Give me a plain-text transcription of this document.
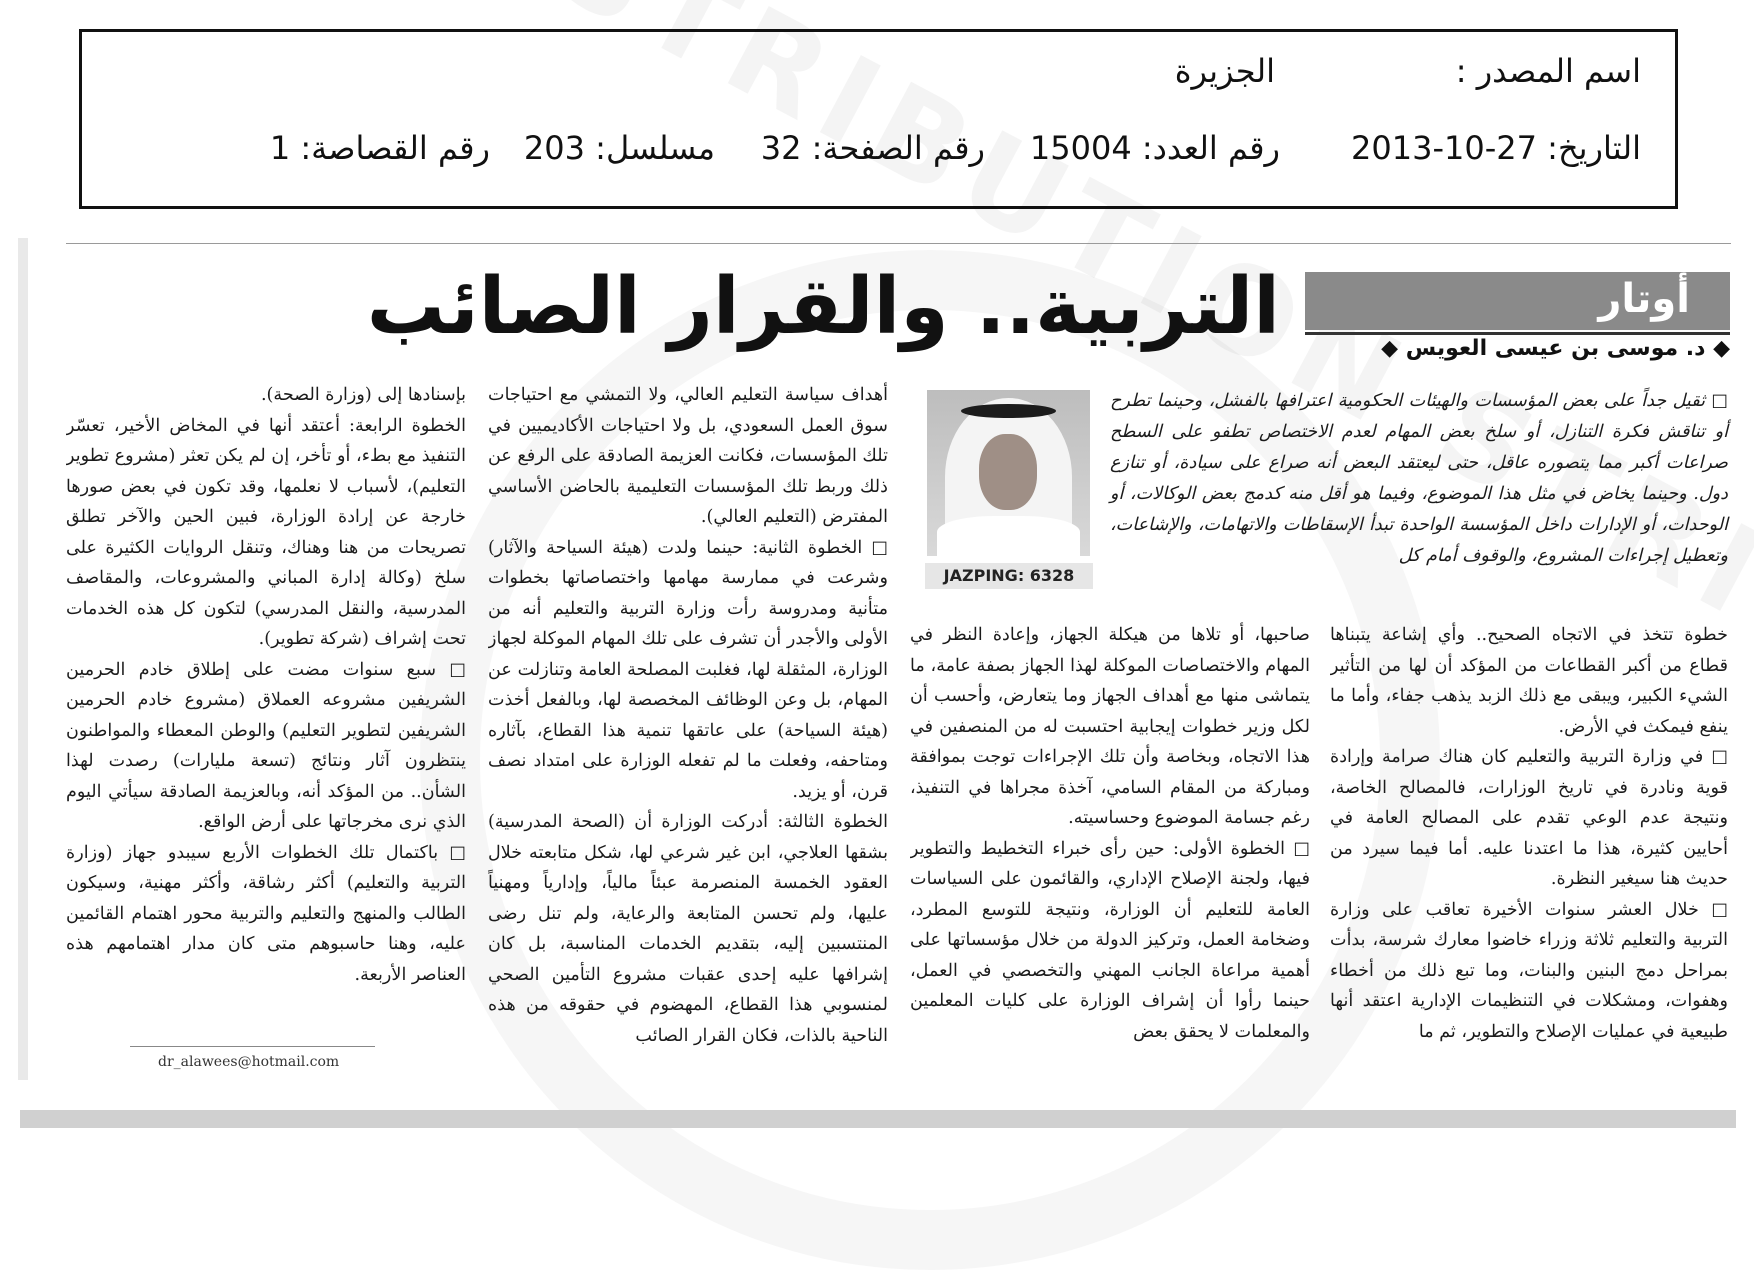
اسم المصدر :
الجزيرة
التاريخ: 27-10-2013
رقم العدد: 15004
رقم الصفحة: 32
مسلسل: 203
رقم القصاصة: 1
أوتار
◆ د. موسى بن عيسى العويس ◆
التربية.. والقرار الصائب
JAZPING: 6328
□ ثقيل جداً على بعض المؤسسات والهيئات الحكومية اعترافها بالفشل، وحينما تطرح أو تناقش فكرة التنازل، أو سلخ بعض المهام لعدم الاختصاص تطفو على السطح صراعات أكبر مما يتصوره عاقل، حتى ليعتقد البعض أنه صراع على سيادة، أو تنازع دول. وحينما يخاض في مثل هذا الموضوع، وفيما هو أقل منه كدمج بعض الوكالات، أو الوحدات، أو الإدارات داخل المؤسسة الواحدة تبدأ الإسقاطات والاتهامات، والإشاعات، وتعطيل إجراءات المشروع، والوقوف أمام كل
خطوة تتخذ في الاتجاه الصحيح.. وأي إشاعة يتبناها قطاع من أكبر القطاعات من المؤكد أن لها من التأثير الشيء الكبير، ويبقى مع ذلك الزبد يذهب جفاء، وأما ما ينفع فيمكث في الأرض.
□ في وزارة التربية والتعليم كان هناك صرامة وإرادة قوية ونادرة في تاريخ الوزارات، فالمصالح الخاصة، ونتيجة عدم الوعي تقدم على المصالح العامة في أحايين كثيرة، هذا ما اعتدنا عليه. أما فيما سيرد من حديث هنا سيغير النظرة.
□ خلال العشر سنوات الأخيرة تعاقب على وزارة التربية والتعليم ثلاثة وزراء خاضوا معارك شرسة، بدأت بمراحل دمج البنين والبنات، وما تبع ذلك من أخطاء وهفوات، ومشكلات في التنظيمات الإدارية اعتقد أنها طبيعية في عمليات الإصلاح والتطوير، ثم ما
صاحبها، أو تلاها من هيكلة الجهاز، وإعادة النظر في المهام والاختصاصات الموكلة لهذا الجهاز بصفة عامة، ما يتماشى منها مع أهداف الجهاز وما يتعارض، وأحسب أن لكل وزير خطوات إيجابية احتسبت له من المنصفين في هذا الاتجاه، وبخاصة وأن تلك الإجراءات توجت بموافقة ومباركة من المقام السامي، آخذة مجراها في التنفيذ، رغم جسامة الموضوع وحساسيته.
□ الخطوة الأولى: حين رأى خبراء التخطيط والتطوير فيها، ولجنة الإصلاح الإداري، والقائمون على السياسات العامة للتعليم أن الوزارة، ونتيجة للتوسع المطرد، وضخامة العمل، وتركيز الدولة من خلال مؤسساتها على أهمية مراعاة الجانب المهني والتخصصي في العمل، حينما رأوا أن إشراف الوزارة على كليات المعلمين والمعلمات لا يحقق بعض
أهداف سياسة التعليم العالي، ولا التمشي مع احتياجات سوق العمل السعودي، بل ولا احتياجات الأكاديميين في تلك المؤسسات، فكانت العزيمة الصادقة على الرفع عن ذلك وربط تلك المؤسسات التعليمية بالحاضن الأساسي المفترض (التعليم العالي).
□ الخطوة الثانية: حينما ولدت (هيئة السياحة والآثار) وشرعت في ممارسة مهامها واختصاصاتها بخطوات متأنية ومدروسة رأت وزارة التربية والتعليم أنه من الأولى والأجدر أن تشرف على تلك المهام الموكلة لجهاز الوزارة، المثقلة لها، فغلبت المصلحة العامة وتنازلت عن المهام، بل وعن الوظائف المخصصة لها، وبالفعل أخذت (هيئة السياحة) على عاتقها تنمية هذا القطاع، بآثاره ومتاحفه، وفعلت ما لم تفعله الوزارة على امتداد نصف قرن، أو يزيد.
الخطوة الثالثة: أدركت الوزارة أن (الصحة المدرسية) بشقها العلاجي، ابن غير شرعي لها، شكل متابعته خلال العقود الخمسة المنصرمة عبئاً مالياً، وإدارياً ومهنياً عليها، ولم تحسن المتابعة والرعاية، ولم تنل رضى المنتسبين إليه، بتقديم الخدمات المناسبة، بل كان إشرافها عليه إحدى عقبات مشروع التأمين الصحي لمنسوبي هذا القطاع، المهضوم في حقوقه من هذه الناحية بالذات، فكان القرار الصائب
بإسنادها إلى (وزارة الصحة).
الخطوة الرابعة: أعتقد أنها في المخاض الأخير، تعسّر التنفيذ مع بطء، أو تأخر، إن لم يكن تعثر (مشروع تطوير التعليم)، لأسباب لا نعلمها، وقد تكون في بعض صورها خارجة عن إرادة الوزارة، فبين الحين والآخر تطلق تصريحات من هنا وهناك، وتنقل الروايات الكثيرة على سلخ (وكالة إدارة المباني والمشروعات، والمقاصف المدرسية، والنقل المدرسي) لتكون كل هذه الخدمات تحت إشراف (شركة تطوير).
□ سبع سنوات مضت على إطلاق خادم الحرمين الشريفين مشروعه العملاق (مشروع خادم الحرمين الشريفين لتطوير التعليم) والوطن المعطاء والمواطنون ينتظرون آثار ونتائج (تسعة مليارات) رصدت لهذا الشأن.. من المؤكد أنه، وبالعزيمة الصادقة سيأتي اليوم الذي نرى مخرجاتها على أرض الواقع.
□ باكتمال تلك الخطوات الأربع سيبدو جهاز (وزارة التربية والتعليم) أكثر رشاقة، وأكثر مهنية، وسيكون الطالب والمنهج والتعليم والتربية محور اهتمام القائمين عليه، وهنا حاسبوهم متى كان مدار اهتمامهم هذه العناصر الأربعة.
dr_alawees@hotmail.com
